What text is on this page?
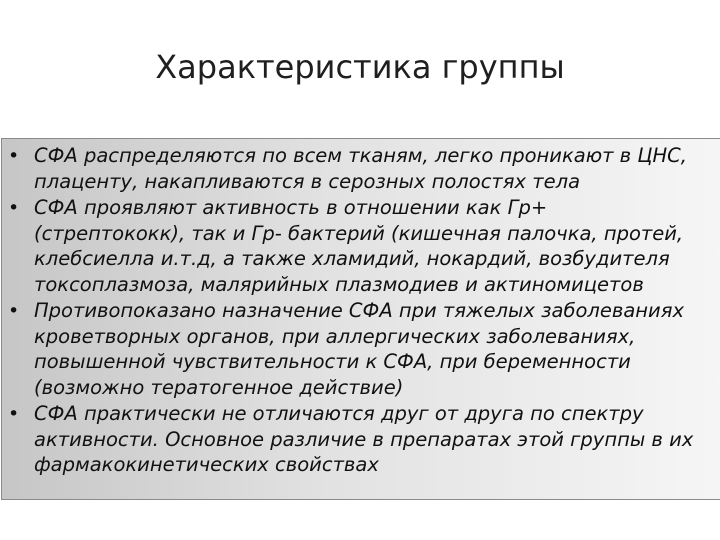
Характеристика группы
• СФА распределяются по всем тканям, легко проникают в ЦНС,
плаценту, накапливаются в серозных полостях тела
• СФА проявляют активность в отношении как Гр+
(стрептококк), так и Гр- бактерий (кишечная палочка, протей,
клебсиелла и.т.д, а также хламидий, нокардий, возбудителя
токсоплазмоза, малярийных плазмодиев и актиномицетов
• Противопоказано назначение СФА при тяжелых заболеваниях
кроветворных органов, при аллергических заболеваниях,
повышенной чувствительности к СФА, при беременности
(возможно тератогенное действие)
• СФА практически не отличаются друг от друга по спектру
активности. Основное различие в препаратах этой группы в их
фармакокинетических свойствах
